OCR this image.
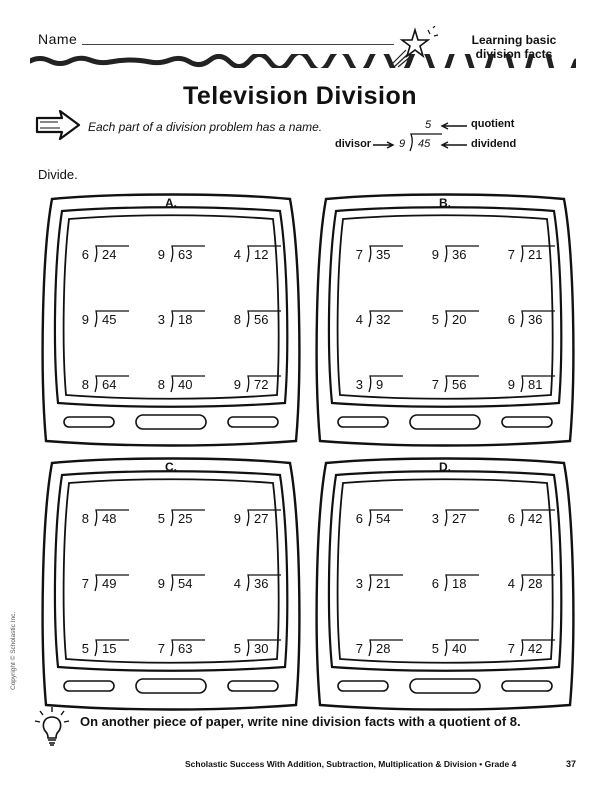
Name	Learning basic division facts
Television Division
Each part of a division problem has a name.	5	quotient
divisor	9 45	dividend
Divide.
A.
6 24	9 63	4 12
9 45	3 18	8 56
8 64	8 40	9 72
B.
7 35	9 36	7 21
4 32	5 20	6 36
3 9	7 56	9 81
C.
8 48	5 25	9 27
7 49	9 54	4 36
5 15	7 63	5 30
D.
6 54	3 27	6 42
3 21	6 18	4 28
7 28	5 40	7 42
On another piece of paper, write nine division facts with a quotient of 8.
Copyright © Scholastic Inc.
Scholastic Success With Addition, Subtraction, Multiplication & Division • Grade 4	37
